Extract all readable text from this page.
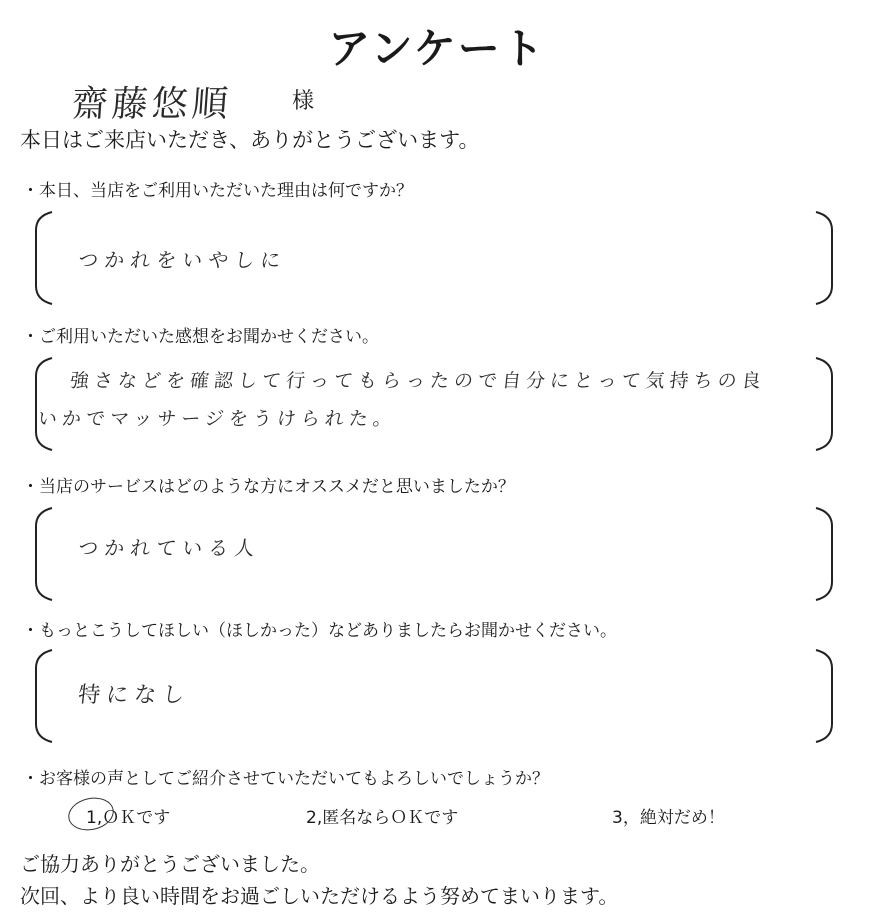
アンケート
齋藤悠順	様
本日はご来店いただき、ありがとうございます。
・本日、当店をご利用いただいた理由は何ですか？
つかれをいやしに
・ご利用いただいた感想をお聞かせください。
強さなどを確認して行ってもらったので自分にとって気持ちの良
いかでマッサージをうけられた。
・当店のサービスはどのような方にオススメだと思いましたか？
つかれている人
・もっとこうしてほしい（ほしかった）などありましたらお聞かせください。
特になし
・お客様の声としてご紹介させていただいてもよろしいでしょうか？
1,ＯＫです	2,匿名ならＯＫです	3，絶対だめ！
ご協力ありがとうございました。
次回、より良い時間をお過ごしいただけるよう努めてまいります。
